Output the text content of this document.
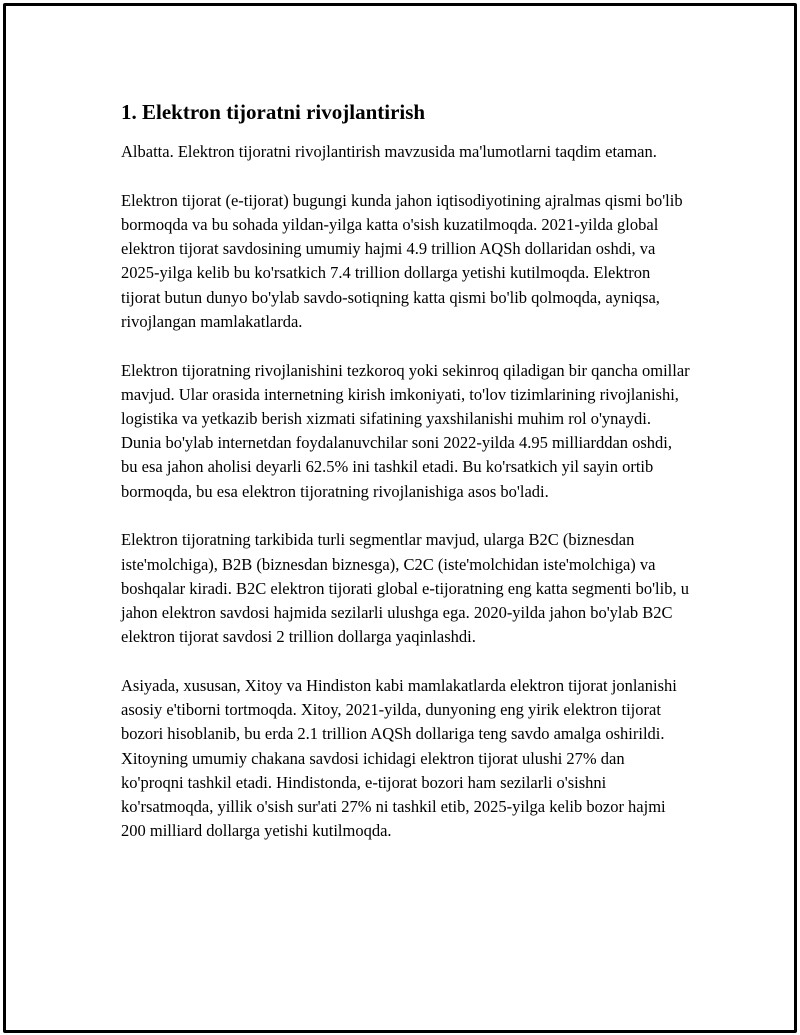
1. Elektron tijoratni rivojlantirish

Albatta. Elektron tijoratni rivojlantirish mavzusida ma'lumotlarni taqdim etaman.

Elektron tijorat (e-tijorat) bugungi kunda jahon iqtisodiyotining ajralmas qismi bo'lib bormoqda va bu sohada yildan-yilga katta o'sish kuzatilmoqda. 2021-yilda global elektron tijorat savdosining umumiy hajmi 4.9 trillion AQSh dollaridan oshdi, va 2025-yilga kelib bu ko'rsatkich 7.4 trillion dollarga yetishi kutilmoqda. Elektron tijorat butun dunyo bo'ylab savdo-sotiqning katta qismi bo'lib qolmoqda, ayniqsa, rivojlangan mamlakatlarda.

Elektron tijoratning rivojlanishini tezkoroq yoki sekinroq qiladigan bir qancha omillar mavjud. Ular orasida internetning kirish imkoniyati, to'lov tizimlarining rivojlanishi, logistika va yetkazib berish xizmati sifatining yaxshilanishi muhim rol o'ynaydi. Dunia bo'ylab internetdan foydalanuvchilar soni 2022-yilda 4.95 milliarddan oshdi, bu esa jahon aholisi deyarli 62.5% ini tashkil etadi. Bu ko'rsatkich yil sayin ortib bormoqda, bu esa elektron tijoratning rivojlanishiga asos bo'ladi.

Elektron tijoratning tarkibida turli segmentlar mavjud, ularga B2C (biznesdan iste'molchiga), B2B (biznesdan biznesga), C2C (iste'molchidan iste'molchiga) va boshqalar kiradi. B2C elektron tijorati global e-tijoratning eng katta segmenti bo'lib, u jahon elektron savdosi hajmida sezilarli ulushga ega. 2020-yilda jahon bo'ylab B2C elektron tijorat savdosi 2 trillion dollarga yaqinlashdi.

Asiyada, xususan, Xitoy va Hindiston kabi mamlakatlarda elektron tijorat jonlanishi asosiy e'tiborni tortmoqda. Xitoy, 2021-yilda, dunyoning eng yirik elektron tijorat bozori hisoblanib, bu erda 2.1 trillion AQSh dollariga teng savdo amalga oshirildi. Xitoyning umumiy chakana savdosi ichidagi elektron tijorat ulushi 27% dan ko'proqni tashkil etadi. Hindistonda, e-tijorat bozori ham sezilarli o'sishni ko'rsatmoqda, yillik o'sish sur'ati 27% ni tashkil etib, 2025-yilga kelib bozor hajmi 200 milliard dollarga yetishi kutilmoqda.
